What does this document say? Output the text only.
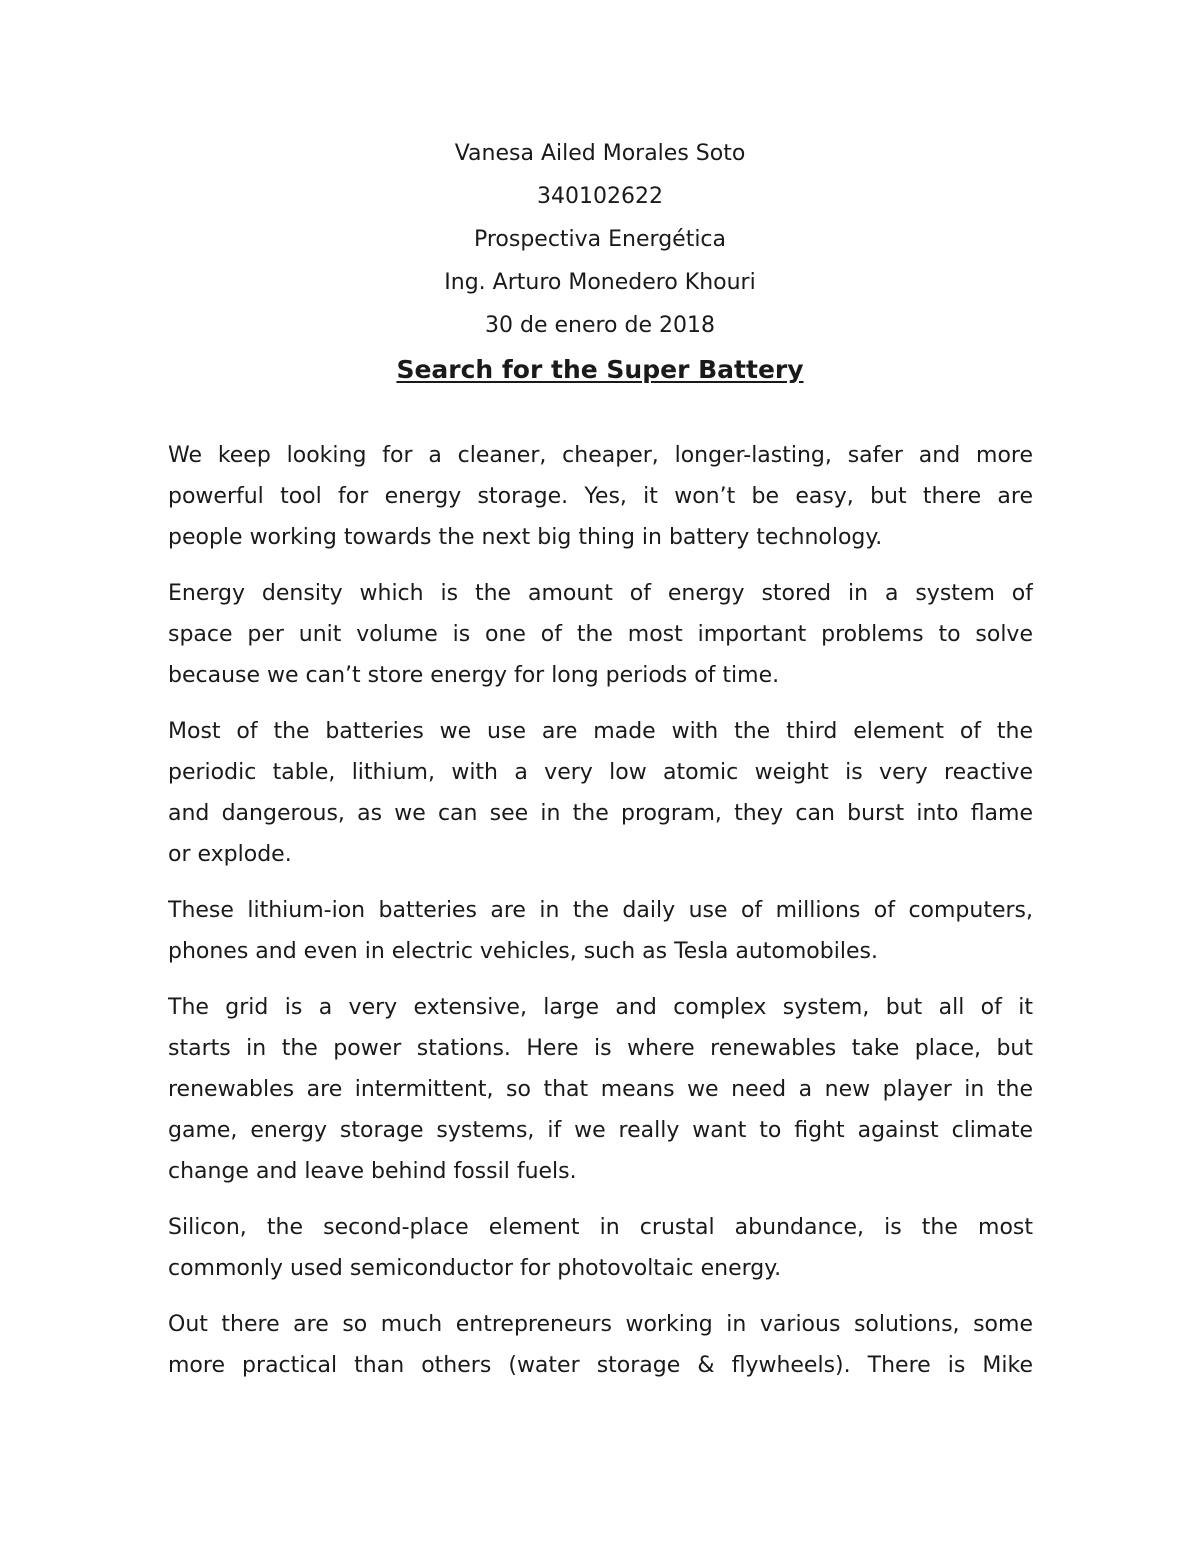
Vanesa Ailed Morales Soto
340102622
Prospectiva Energética
Ing. Arturo Monedero Khouri
30 de enero de 2018
Search for the Super Battery
We keep looking for a cleaner, cheaper, longer-lasting, safer and more
powerful tool for energy storage. Yes, it won’t be easy, but there are
people working towards the next big thing in battery technology.
Energy density which is the amount of energy stored in a system of
space per unit volume is one of the most important problems to solve
because we can’t store energy for long periods of time.
Most of the batteries we use are made with the third element of the
periodic table, lithium, with a very low atomic weight is very reactive
and dangerous, as we can see in the program, they can burst into flame
or explode.
These lithium-ion batteries are in the daily use of millions of computers,
phones and even in electric vehicles, such as Tesla automobiles.
The grid is a very extensive, large and complex system, but all of it
starts in the power stations. Here is where renewables take place, but
renewables are intermittent, so that means we need a new player in the
game, energy storage systems, if we really want to fight against climate
change and leave behind fossil fuels.
Silicon, the second-place element in crustal abundance, is the most
commonly used semiconductor for photovoltaic energy.
Out there are so much entrepreneurs working in various solutions, some
more practical than others (water storage & flywheels). There is Mike
